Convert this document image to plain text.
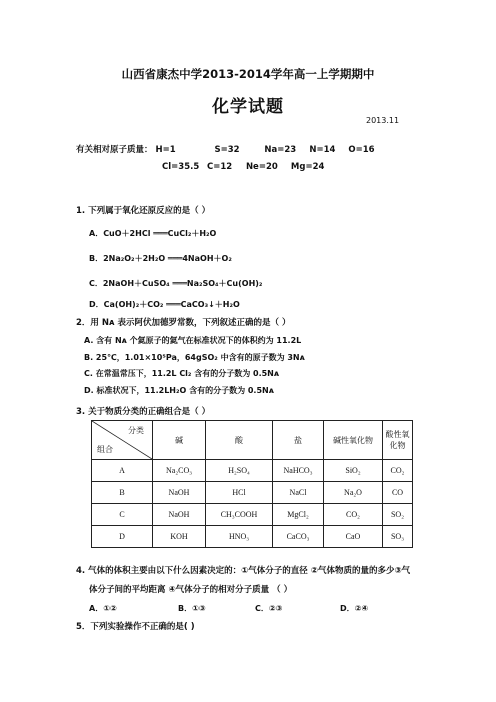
山西省康杰中学2013-2014学年高一上学期期中
化学试题
2013.11
有关相对原子质量： H=1	S=32	Na=23 N=14 O=16
Cl=35.5 C=12 Ne=20 Mg=24
1. 下列属于氧化还原反应的是（ ）
A．CuO＋2HCl ═══CuCl₂＋H₂O
B．2Na₂O₂＋2H₂O ═══4NaOH＋O₂
C．2NaOH＋CuSO₄ ═══Na₂SO₄＋Cu(OH)₂
D．Ca(OH)₂＋CO₂ ═══CaCO₃↓＋H₂O
2．用 Nᴀ 表示阿伏加德罗常数，下列叙述正确的是（ ）
A. 含有 Nᴀ 个氦原子的氦气在标准状况下的体积约为 11.2L
B. 25℃，1.01×10⁵Pa，64gSO₂ 中含有的原子数为 3Nᴀ
C. 在常温常压下，11.2L Cl₂ 含有的分子数为 0.5Nᴀ
D. 标准状况下，11.2LH₂O 含有的分子数为 0.5Nᴀ
3. 关于物质分类的正确组合是（ ）
分类
组合	碱	酸	盐	碱性氧化物	酸性氧化物
A	Na₂CO₃	H₂SO₄	NaHCO₃	SiO₂	CO₂
B	NaOH	HCl	NaCl	Na₂O	CO
C	NaOH	CH₃COOH	MgCl₂	CO₂	SO₂
D	KOH	HNO₃	CaCO₃	CaO	SO₃
4. 气体的体积主要由以下什么因素决定的：①气体分子的直径 ②气体物质的量的多少③气
体分子间的平均距离 ④气体分子的相对分子质量 （ ）
A．①②	B．①③	C．②③	D．②④
5．下列实验操作不正确的是( )
